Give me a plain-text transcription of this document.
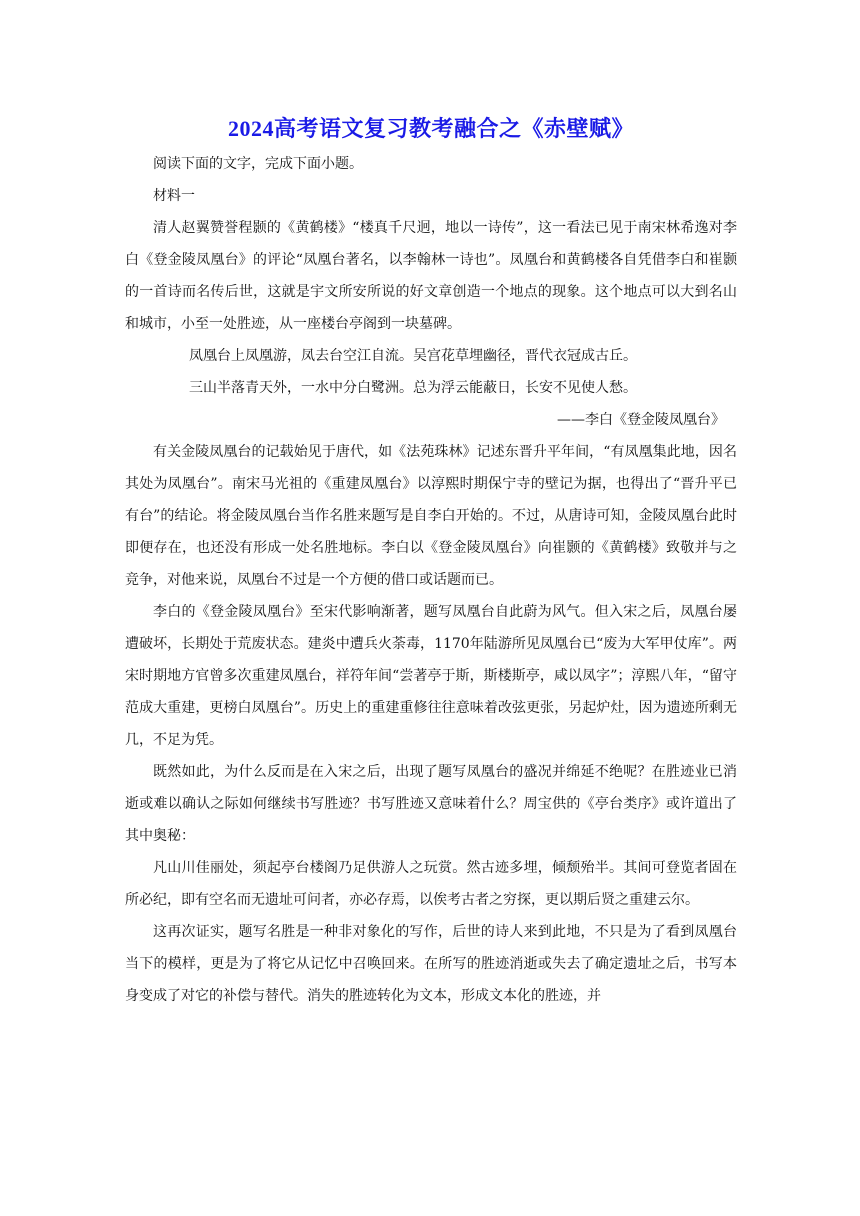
2024高考语文复习教考融合之《赤壁赋》

阅读下面的文字，完成下面小题。

材料一

清人赵翼赞誉程颢的《黄鹤楼》“楼真千尺迥，地以一诗传”，这一看法已见于南宋林希逸对李白《登金陵凤凰台》的评论“凤凰台著名，以李翰林一诗也”。凤凰台和黄鹤楼各自凭借李白和崔颢的一首诗而名传后世，这就是宇文所安所说的好文章创造一个地点的现象。这个地点可以大到名山和城市，小至一处胜迹，从一座楼台亭阁到一块墓碑。

凤凰台上凤凰游，凤去台空江自流。吴宫花草埋幽径，晋代衣冠成古丘。

三山半落青天外，一水中分白鹭洲。总为浮云能蔽日，长安不见使人愁。

——李白《登金陵凤凰台》

有关金陵凤凰台的记载始见于唐代，如《法苑珠林》记述东晋升平年间，“有凤凰集此地，因名其处为凤凰台”。南宋马光祖的《重建凤凰台》以淳熙时期保宁寺的壁记为据，也得出了“晋升平已有台”的结论。将金陵凤凰台当作名胜来题写是自李白开始的。不过，从唐诗可知，金陵凤凰台此时即便存在，也还没有形成一处名胜地标。李白以《登金陵凤凰台》向崔颢的《黄鹤楼》致敬并与之竞争，对他来说，凤凰台不过是一个方便的借口或话题而已。

李白的《登金陵凤凰台》至宋代影响渐著，题写凤凰台自此蔚为风气。但入宋之后，凤凰台屡遭破坏，长期处于荒废状态。建炎中遭兵火荼毒，1170年陆游所见凤凰台已“废为大军甲仗库”。两宋时期地方官曾多次重建凤凰台，祥符年间“尝著亭于斯，斯楼斯亭，咸以凤字”；淳熙八年，“留守范成大重建，更榜白凤凰台”。历史上的重建重修往往意味着改弦更张，另起炉灶，因为遗迹所剩无几，不足为凭。

既然如此，为什么反而是在入宋之后，出现了题写凤凰台的盛况并绵延不绝呢？在胜迹业已消逝或难以确认之际如何继续书写胜迹？书写胜迹又意味着什么？周宝供的《亭台类序》或许道出了其中奥秘：

凡山川佳丽处，须起亭台楼阁乃足供游人之玩赏。然古迹多埋，倾颓殆半。其间可登览者固在所必纪，即有空名而无遗址可问者，亦必存焉，以俟考古者之穷探，更以期后贤之重建云尔。

这再次证实，题写名胜是一种非对象化的写作，后世的诗人来到此地，不只是为了看到凤凰台当下的模样，更是为了将它从记忆中召唤回来。在所写的胜迹消逝或失去了确定遗址之后，书写本身变成了对它的补偿与替代。消失的胜迹转化为文本，形成文本化的胜迹，并
